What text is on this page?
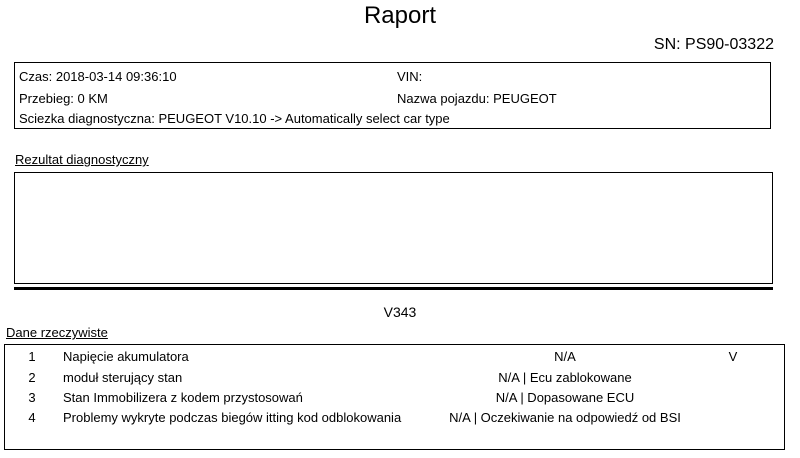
Raport
SN: PS90-03322
Czas: 2018-03-14 09:36:10	VIN:
Przebieg: 0 KM	Nazwa pojazdu: PEUGEOT
Sciezka diagnostyczna: PEUGEOT V10.10 -> Automatically select car type
Rezultat diagnostyczny
V343
Dane rzeczywiste
1 Napięcie akumulatora	N/A	V
2 moduł sterujący stan	N/A | Ecu zablokowane
3 Stan Immobilizera z kodem przystosowań	N/A | Dopasowane ECU
4 Problemy wykryte podczas biegów itting kod odblokowania	N/A | Oczekiwanie na odpowiedź od BSI
